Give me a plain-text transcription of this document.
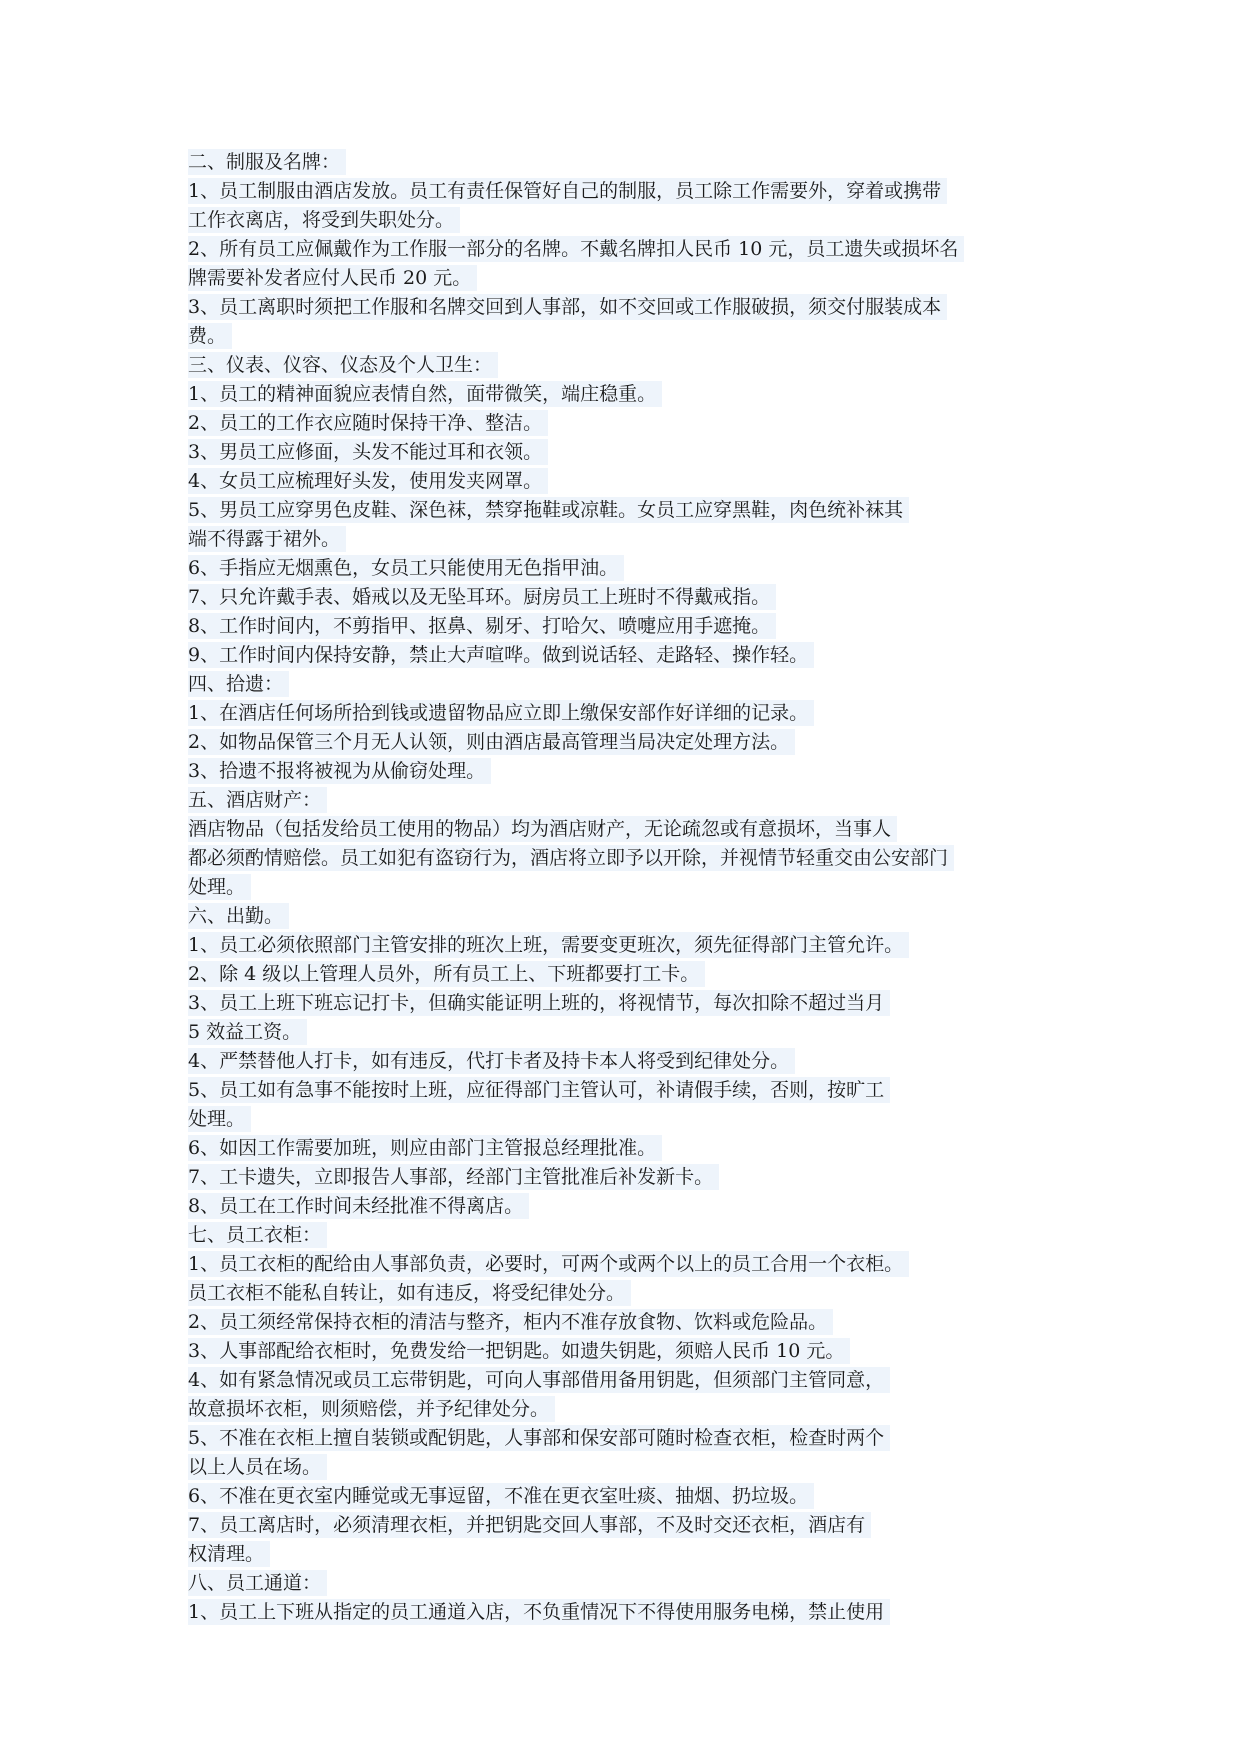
二、制服及名牌：
1、员工制服由酒店发放。员工有责任保管好自己的制服，员工除工作需要外，穿着或携带
工作衣离店，将受到失职处分。
2、所有员工应佩戴作为工作服一部分的名牌。不戴名牌扣人民币 10 元，员工遗失或损坏名
牌需要补发者应付人民币 20 元。
3、员工离职时须把工作服和名牌交回到人事部，如不交回或工作服破损，须交付服装成本
费。
三、仪表、仪容、仪态及个人卫生：
1、员工的精神面貌应表情自然，面带微笑，端庄稳重。
2、员工的工作衣应随时保持干净、整洁。
3、男员工应修面，头发不能过耳和衣领。
4、女员工应梳理好头发，使用发夹网罩。
5、男员工应穿男色皮鞋、深色袜，禁穿拖鞋或凉鞋。女员工应穿黑鞋，肉色统补袜其
端不得露于裙外。
6、手指应无烟熏色，女员工只能使用无色指甲油。
7、只允许戴手表、婚戒以及无坠耳环。厨房员工上班时不得戴戒指。
8、工作时间内，不剪指甲、抠鼻、剔牙、打哈欠、喷嚏应用手遮掩。
9、工作时间内保持安静，禁止大声喧哗。做到说话轻、走路轻、操作轻。
四、拾遗：
1、在酒店任何场所拾到钱或遗留物品应立即上缴保安部作好详细的记录。
2、如物品保管三个月无人认领，则由酒店最高管理当局决定处理方法。
3、拾遗不报将被视为从偷窃处理。
五、酒店财产：
酒店物品（包括发给员工使用的物品）均为酒店财产，无论疏忽或有意损坏，当事人
都必须酌情赔偿。员工如犯有盗窃行为，酒店将立即予以开除，并视情节轻重交由公安部门
处理。
六、出勤。
1、员工必须依照部门主管安排的班次上班，需要变更班次，须先征得部门主管允许。
2、除 4 级以上管理人员外，所有员工上、下班都要打工卡。
3、员工上班下班忘记打卡，但确实能证明上班的，将视情节，每次扣除不超过当月
5 效益工资。
4、严禁替他人打卡，如有违反，代打卡者及持卡本人将受到纪律处分。
5、员工如有急事不能按时上班，应征得部门主管认可，补请假手续，否则，按旷工
处理。
6、如因工作需要加班，则应由部门主管报总经理批准。
7、工卡遗失，立即报告人事部，经部门主管批准后补发新卡。
8、员工在工作时间未经批准不得离店。
七、员工衣柜：
1、员工衣柜的配给由人事部负责，必要时，可两个或两个以上的员工合用一个衣柜。
员工衣柜不能私自转让，如有违反，将受纪律处分。
2、员工须经常保持衣柜的清洁与整齐，柜内不准存放食物、饮料或危险品。
3、人事部配给衣柜时，免费发给一把钥匙。如遗失钥匙，须赔人民币 10 元。
4、如有紧急情况或员工忘带钥匙，可向人事部借用备用钥匙，但须部门主管同意，
故意损坏衣柜，则须赔偿，并予纪律处分。
5、不准在衣柜上擅自装锁或配钥匙，人事部和保安部可随时检查衣柜，检查时两个
以上人员在场。
6、不准在更衣室内睡觉或无事逗留，不准在更衣室吐痰、抽烟、扔垃圾。
7、员工离店时，必须清理衣柜，并把钥匙交回人事部，不及时交还衣柜，酒店有
权清理。
八、员工通道：
1、员工上下班从指定的员工通道入店，不负重情况下不得使用服务电梯，禁止使用
